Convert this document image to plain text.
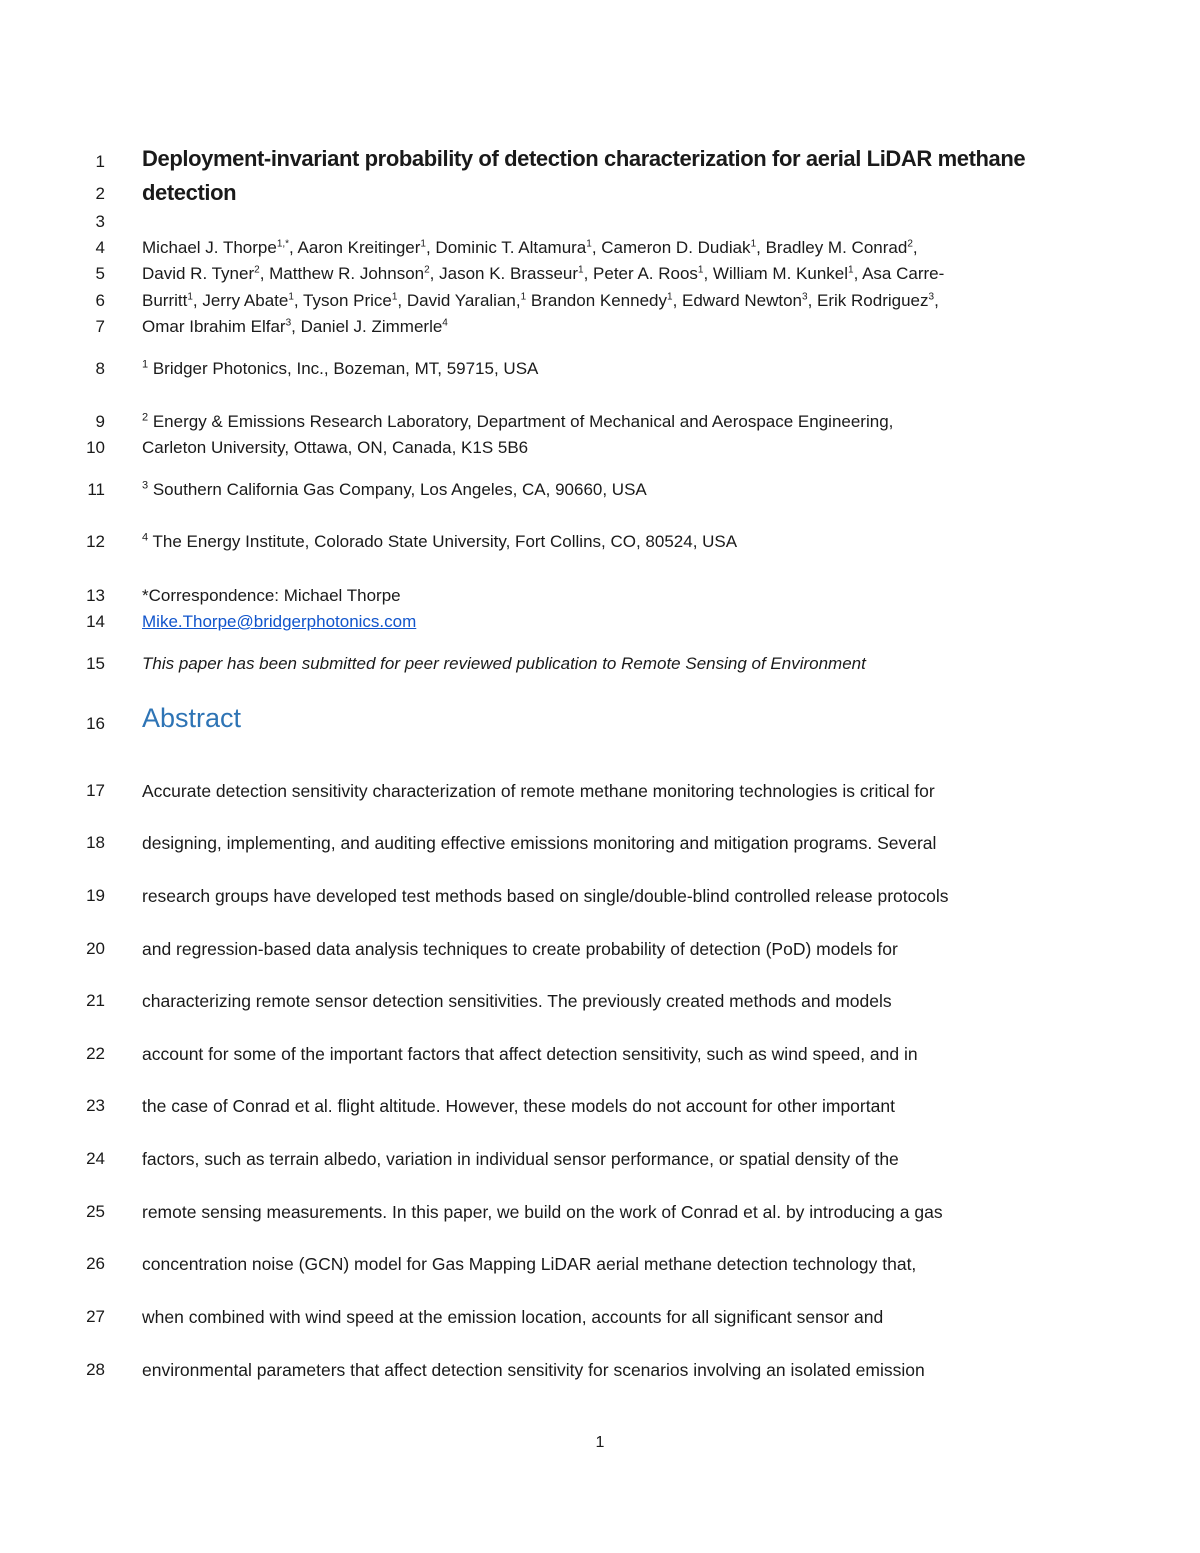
1 Deployment-invariant probability of detection characterization for aerial LiDAR methane
2 detection
3
4 Michael J. Thorpe$^{1,*}$, Aaron Kreitinger$^1$, Dominic T. Altamura$^1$, Cameron D. Dudiak$^1$, Bradley M. Conrad$^2$,
5 David R. Tyner$^2$, Matthew R. Johnson$^2$, Jason K. Brasseur$^1$, Peter A. Roos$^1$, William M. Kunkel$^1$, Asa Carre-
6 Burritt$^1$, Jerry Abate$^1$, Tyson Price$^1$, David Yaralian,$^1$ Brandon Kennedy$^1$, Edward Newton$^3$, Erik Rodriguez$^3$,
7 Omar Ibrahim Elfar$^3$, Daniel J. Zimmerle$^4$
8	$^1$ Bridger Photonics, Inc., Bozeman, MT, 59715, USA
9	$^2$ Energy & Emissions Research Laboratory, Department of Mechanical and Aerospace Engineering,
10 Carleton University, Ottawa, ON, Canada, K1S 5B6
11	$^3$ Southern California Gas Company, Los Angeles, CA, 90660, USA
12	$^4$ The Energy Institute, Colorado State University, Fort Collins, CO, 80524, USA
13 *Correspondence: Michael Thorpe
14 Mike.Thorpe@bridgerphotonics.com
15 This paper has been submitted for peer reviewed publication to Remote Sensing of Environment
16 Abstract
17 Accurate detection sensitivity characterization of remote methane monitoring technologies is critical for
18 designing, implementing, and auditing effective emissions monitoring and mitigation programs. Several
19 research groups have developed test methods based on single/double-blind controlled release protocols
20 and regression-based data analysis techniques to create probability of detection (PoD) models for
21 characterizing remote sensor detection sensitivities. The previously created methods and models
22 account for some of the important factors that affect detection sensitivity, such as wind speed, and in
23 the case of Conrad et al. flight altitude. However, these models do not account for other important
24 factors, such as terrain albedo, variation in individual sensor performance, or spatial density of the
25 remote sensing measurements. In this paper, we build on the work of Conrad et al. by introducing a gas
26 concentration noise (GCN) model for Gas Mapping LiDAR aerial methane detection technology that,
27 when combined with wind speed at the emission location, accounts for all significant sensor and
28 environmental parameters that affect detection sensitivity for scenarios involving an isolated emission
1
